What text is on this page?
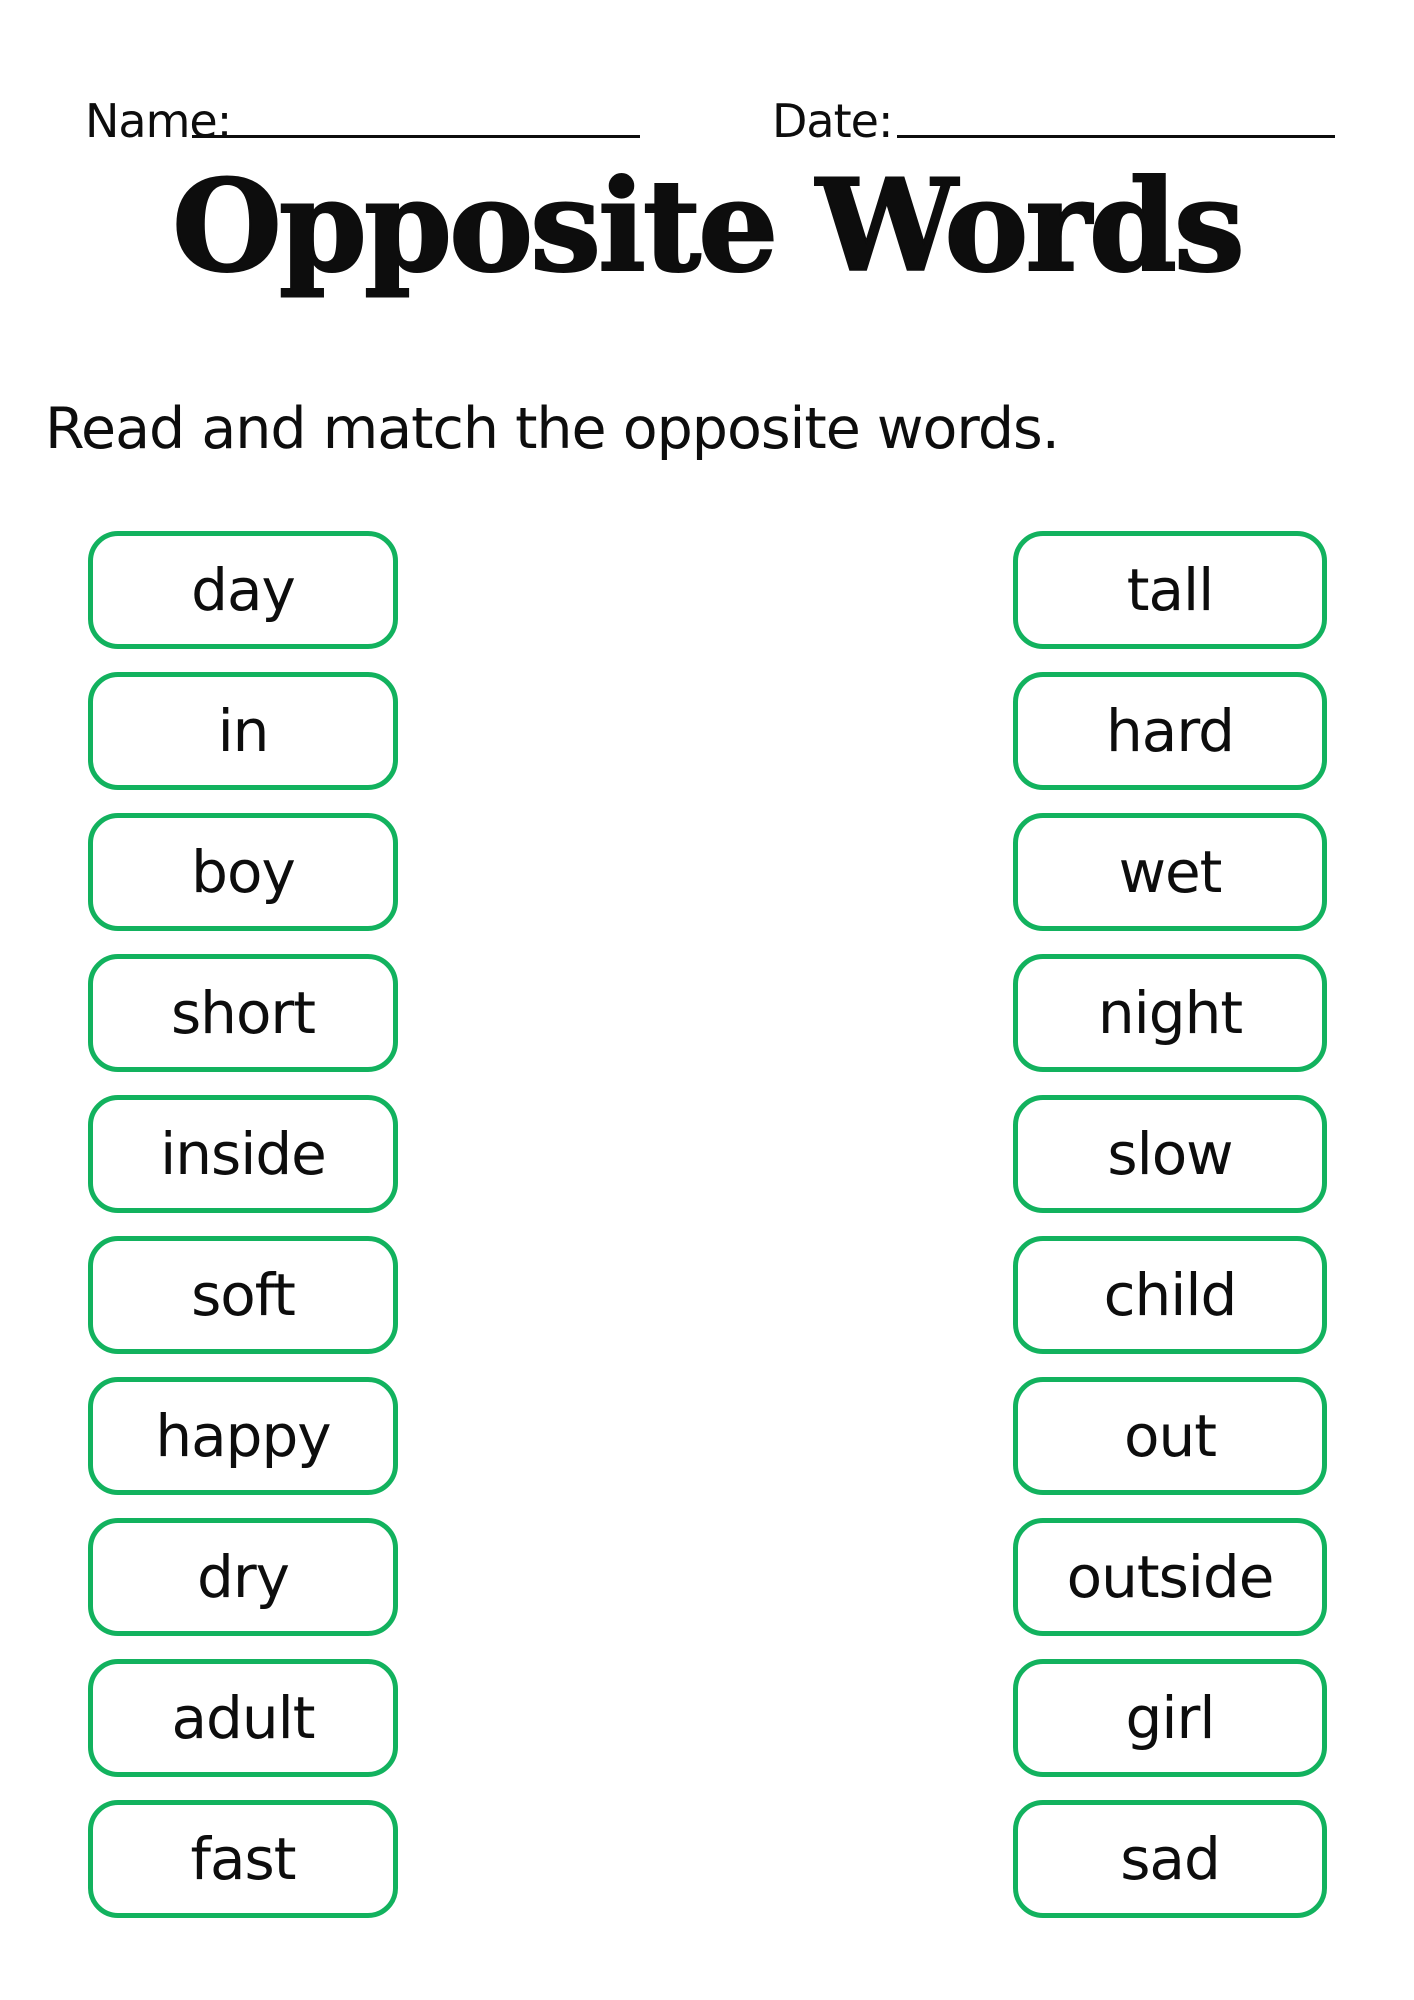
Name:	Date:
Opposite Words

Read and match the opposite words.

day
in
boy
short
inside
soft
happy
dry
adult
fast
tall
hard
wet
night
slow
child
out
outside
girl
sad
